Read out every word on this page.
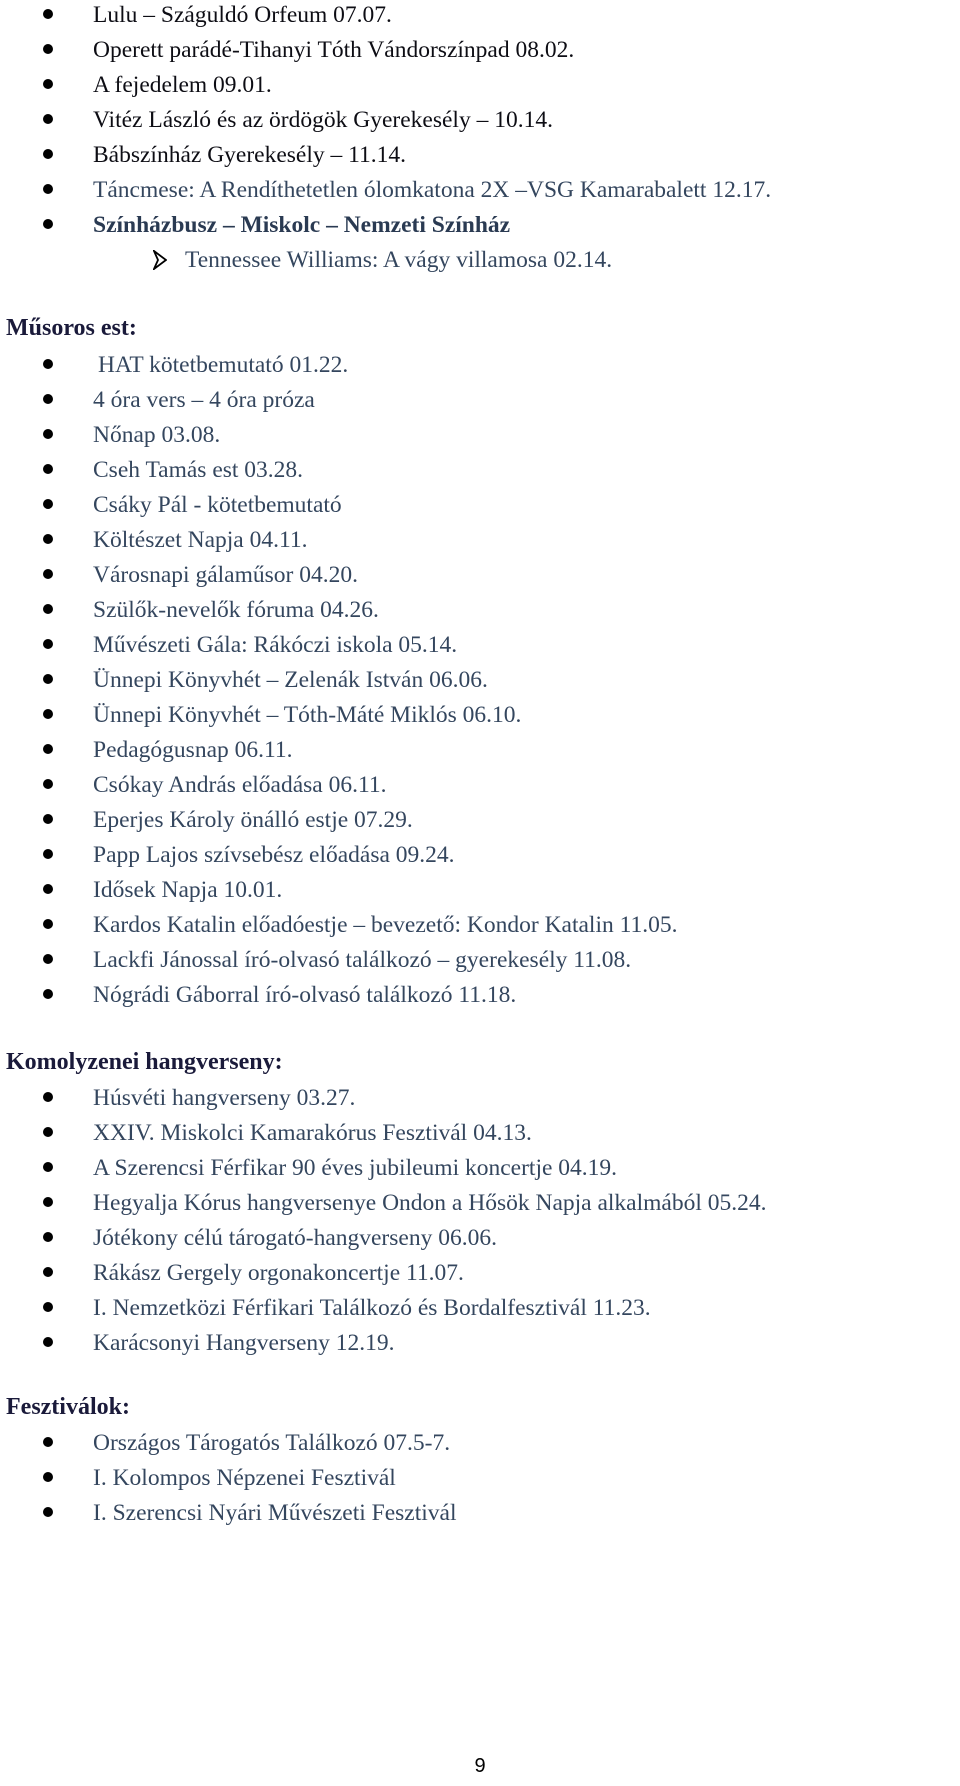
Lulu – Száguldó Orfeum 07.07.
Operett parádé-Tihanyi Tóth Vándorszínpad 08.02.
A fejedelem 09.01.
Vitéz László és az ördögök Gyerekesély – 10.14.
Bábszínház Gyerekesély – 11.14.
Táncmese: A Rendíthetetlen ólomkatona 2X –VSG Kamarabalett 12.17.
Színházbusz – Miskolc – Nemzeti Színház
Tennessee Williams: A vágy villamosa 02.14.
Műsoros est:
HAT kötetbemutató 01.22.
4 óra vers – 4 óra próza
Nőnap 03.08.
Cseh Tamás est 03.28.
Csáky Pál - kötetbemutató
Költészet Napja 04.11.
Városnapi gálaműsor 04.20.
Szülők-nevelők fóruma 04.26.
Művészeti Gála: Rákóczi iskola 05.14.
Ünnepi Könyvhét – Zelenák István 06.06.
Ünnepi Könyvhét – Tóth-Máté Miklós 06.10.
Pedagógusnap 06.11.
Csókay András előadása 06.11.
Eperjes Károly önálló estje 07.29.
Papp Lajos szívsebész előadása 09.24.
Idősek Napja 10.01.
Kardos Katalin előadóestje – bevezető: Kondor Katalin 11.05.
Lackfi Jánossal író-olvasó találkozó – gyerekesély 11.08.
Nógrádi Gáborral író-olvasó találkozó 11.18.
Komolyzenei hangverseny:
Húsvéti hangverseny 03.27.
XXIV. Miskolci Kamarakórus Fesztivál 04.13.
A Szerencsi Férfikar 90 éves jubileumi koncertje 04.19.
Hegyalja Kórus hangversenye Ondon a Hősök Napja alkalmából 05.24.
Jótékony célú tárogató-hangverseny 06.06.
Rákász Gergely orgonakoncertje 11.07.
I. Nemzetközi Férfikari Találkozó és Bordalfesztivál 11.23.
Karácsonyi Hangverseny 12.19.
Fesztiválok:
Országos Tárogatós Találkozó 07.5-7.
I. Kolompos Népzenei Fesztivál
I. Szerencsi Nyári Művészeti Fesztivál
9
